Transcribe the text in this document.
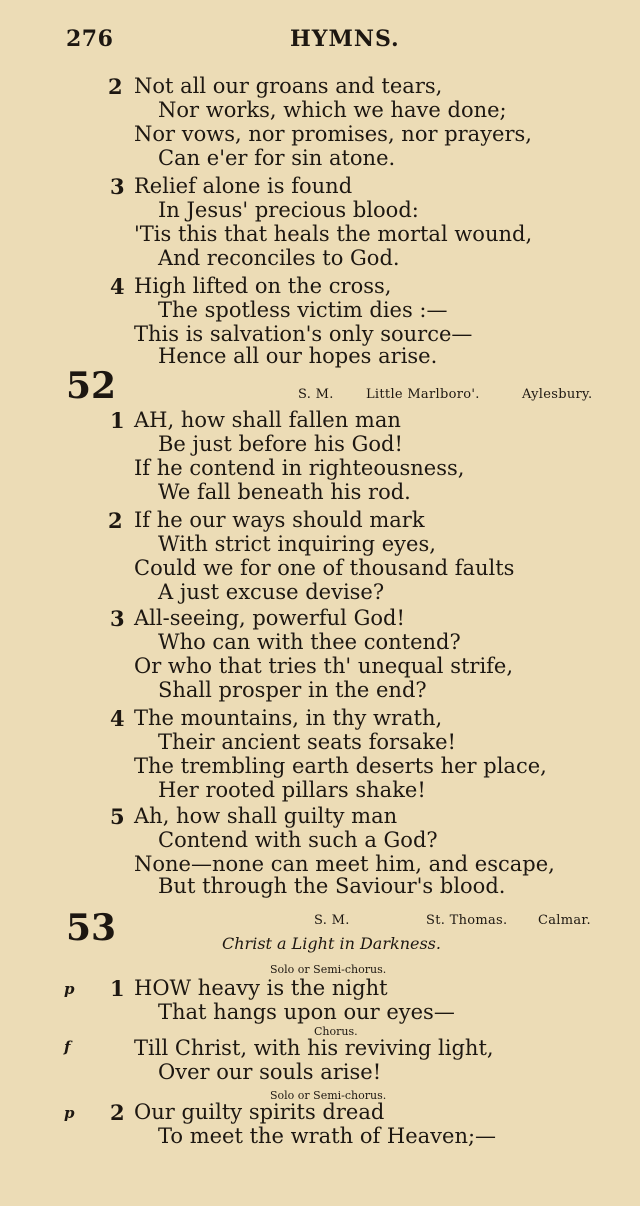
276	HYMNS.
2 Not all our groans and tears,
Nor works, which we have done;
Nor vows, nor promises, nor prayers,
Can e'er for sin atone.
3 Relief alone is found
In Jesus' precious blood:
'Tis this that heals the mortal wound,
And reconciles to God.
4 High lifted on the cross,
The spotless victim dies :—
This is salvation's only source—
Hence all our hopes arise.
52	S. M. Little Marlboro'.	Aylesbury.
1 AH, how shall fallen man
Be just before his God!
If he contend in righteousness,
We fall beneath his rod.
2 If he our ways should mark
With strict inquiring eyes,
Could we for one of thousand faults
A just excuse devise?
3 All-seeing, powerful God!
Who can with thee contend?
Or who that tries th' unequal strife,
Shall prosper in the end?
4 The mountains, in thy wrath,
Their ancient seats forsake!
The trembling earth deserts her place,
Her rooted pillars shake!
5 Ah, how shall guilty man
Contend with such a God?
None—none can meet him, and escape,
But through the Saviour's blood.
53	S. M.	St. Thomas. Calmar.
Christ a Light in Darkness.
Solo or Semi-chorus.
p 1 HOW heavy is the night
That hangs upon our eyes—
Chorus.
f	Till Christ, with his reviving light,
Over our souls arise!
Solo or Semi-chorus.
p 2 Our guilty spirits dread
To meet the wrath of Heaven;—
